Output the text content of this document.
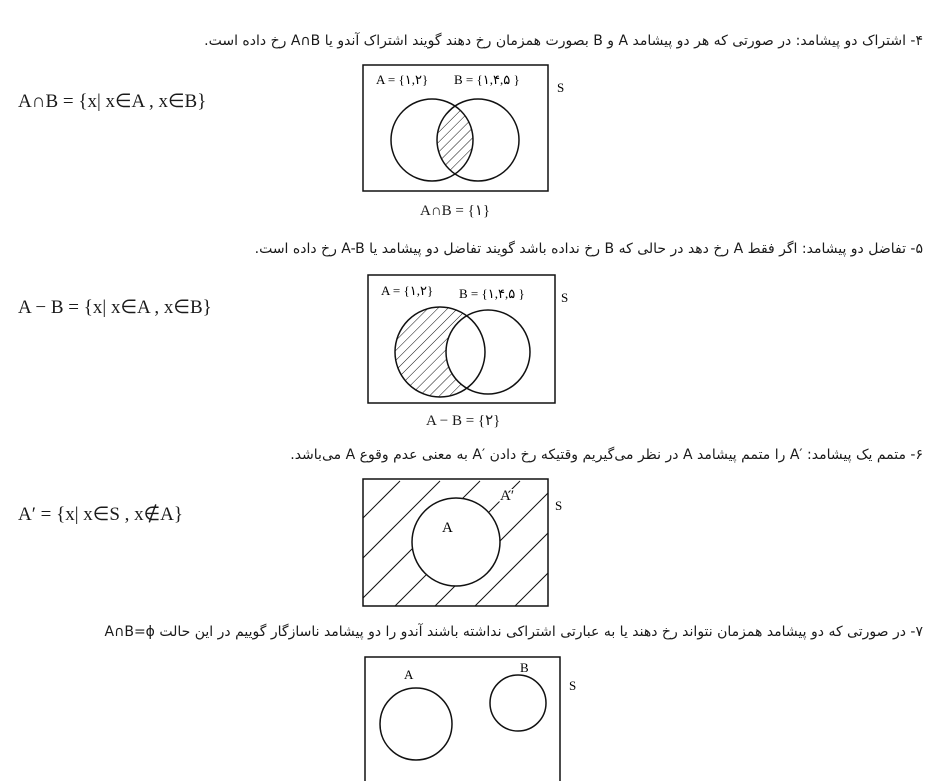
۴- اشتراک دو پیشامد: در صورتی که هر دو پیشامد A و B بصورت همزمان رخ دهند گویند اشتراک آندو یا A∩B رخ داده است.
A∩B = {x| x∈A , x∈B}
A = {۱,۲} B = {۱,۴,۵ }
S
A∩B = {۱}
۵- تفاضل دو پیشامد: اگر فقط A رخ دهد در حالی که B رخ نداده باشد گویند تفاضل دو پیشامد یا A-B رخ داده است.
A − B = {x| x∈A , x∈B}
A = {۱,۲} B = {۱,۴,۵ }	S
A − B = {۲}
۶- متمم یک پیشامد: ′A را متمم پیشامد A در نظر می‌گیریم وقتیکه رخ دادن ′A به معنی عدم وقوع A می‌باشد.
A′ = {x| x∈S , x∉A}
A
A′
S
۷- در صورتی که دو پیشامد همزمان نتواند رخ دهند یا به عبارتی اشتراکی نداشته باشند آندو را دو پیشامد ناسازگار گوییم در این حالت A∩B=ϕ
A	B
S
